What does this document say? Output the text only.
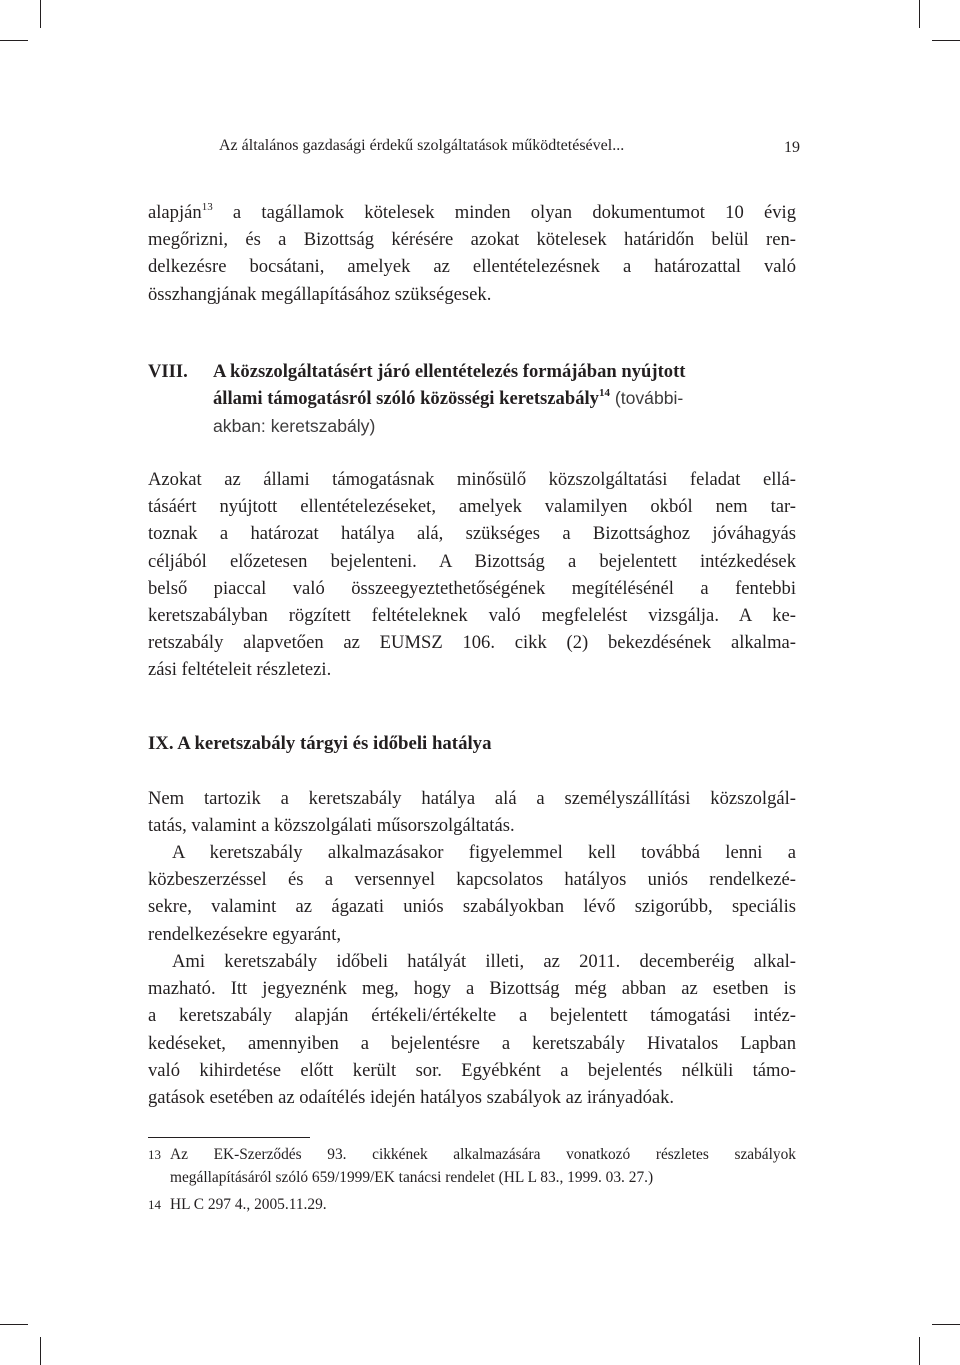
Az általános gazdasági érdekű szolgáltatások működtetésével...	19
alapján$^{13}$ a tagállamok kötelesek minden olyan dokumentumot 10 évig
megőrizni, és a Bizottság kérésére azokat kötelesek határidőn belül ren-
delkezésre bocsátani, amelyek az ellentételezésnek a határozattal való
összhangjának megállapításához szükségesek.
VIII. A közszolgáltatásért járó ellentételezés formájában nyújtott
állami támogatásról szóló közösségi keretszabály$^{14}$ (további-
akban: keretszabály)
Azokat az állami támogatásnak minősülő közszolgáltatási feladat ellá-
tásáért nyújtott ellentételezéseket, amelyek valamilyen okból nem tar-
toznak a határozat hatálya alá, szükséges a Bizottsághoz jóváhagyás
céljából előzetesen bejelenteni. A Bizottság a bejelentett intézkedések
belső piaccal való összeegyeztethetőségének megítélésénél a fentebbi
keretszabályban rögzített feltételeknek való megfelelést vizsgálja. A ke-
retszabály alapvetően az EUMSZ 106. cikk (2) bekezdésének alkalma-
zási feltételeit részletezi.
IX. A keretszabály tárgyi és időbeli hatálya
Nem tartozik a keretszabály hatálya alá a személyszállítási közszolgál-
tatás, valamint a közszolgálati műsorszolgáltatás.
A keretszabály alkalmazásakor figyelemmel kell továbbá lenni a
közbeszerzéssel és a versennyel kapcsolatos hatályos uniós rendelkezé-
sekre, valamint az ágazati uniós szabályokban lévő szigorúbb, speciális
rendelkezésekre egyaránt,
Ami keretszabály időbeli hatályát illeti, az 2011. decemberéig alkal-
mazható. Itt jegyeznénk meg, hogy a Bizottság még abban az esetben is
a keretszabály alapján értékeli/értékelte a bejelentett támogatási intéz-
kedéseket, amennyiben a bejelentésre a keretszabály Hivatalos Lapban
való kihirdetése előtt került sor. Egyébként a bejelentés nélküli támo-
gatások esetében az odaítélés idején hatályos szabályok az irányadóak.
13 Az EK-Szerződés 93. cikkének alkalmazására vonatkozó részletes szabályok
megállapításáról szóló 659/1999/EK tanácsi rendelet (HL L 83., 1999. 03. 27.)
14 HL C 297 4., 2005.11.29.
